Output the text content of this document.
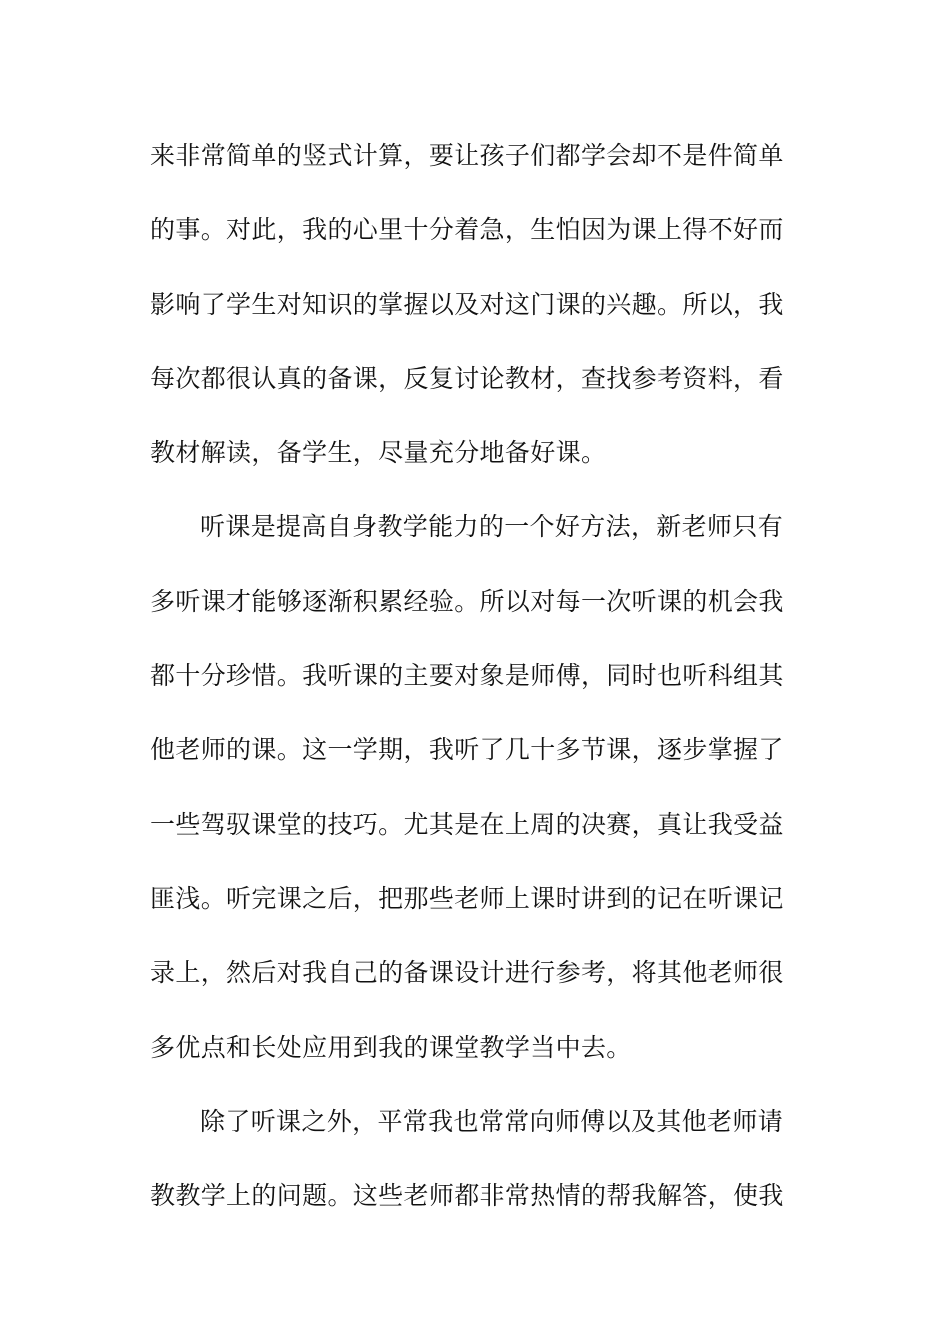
来非常简单的竖式计算，要让孩子们都学会却不是件简单
的事。对此，我的心里十分着急，生怕因为课上得不好而
影响了学生对知识的掌握以及对这门课的兴趣。所以，我
每次都很认真的备课，反复讨论教材，查找参考资料，看
教材解读，备学生，尽量充分地备好课。
听课是提高自身教学能力的一个好方法，新老师只有
多听课才能够逐渐积累经验。所以对每一次听课的机会我
都十分珍惜。我听课的主要对象是师傅，同时也听科组其
他老师的课。这一学期，我听了几十多节课，逐步掌握了
一些驾驭课堂的技巧。尤其是在上周的决赛，真让我受益
匪浅。听完课之后，把那些老师上课时讲到的记在听课记
录上，然后对我自己的备课设计进行参考，将其他老师很
多优点和长处应用到我的课堂教学当中去。
除了听课之外，平常我也常常向师傅以及其他老师请
教教学上的问题。这些老师都非常热情的帮我解答，使我
